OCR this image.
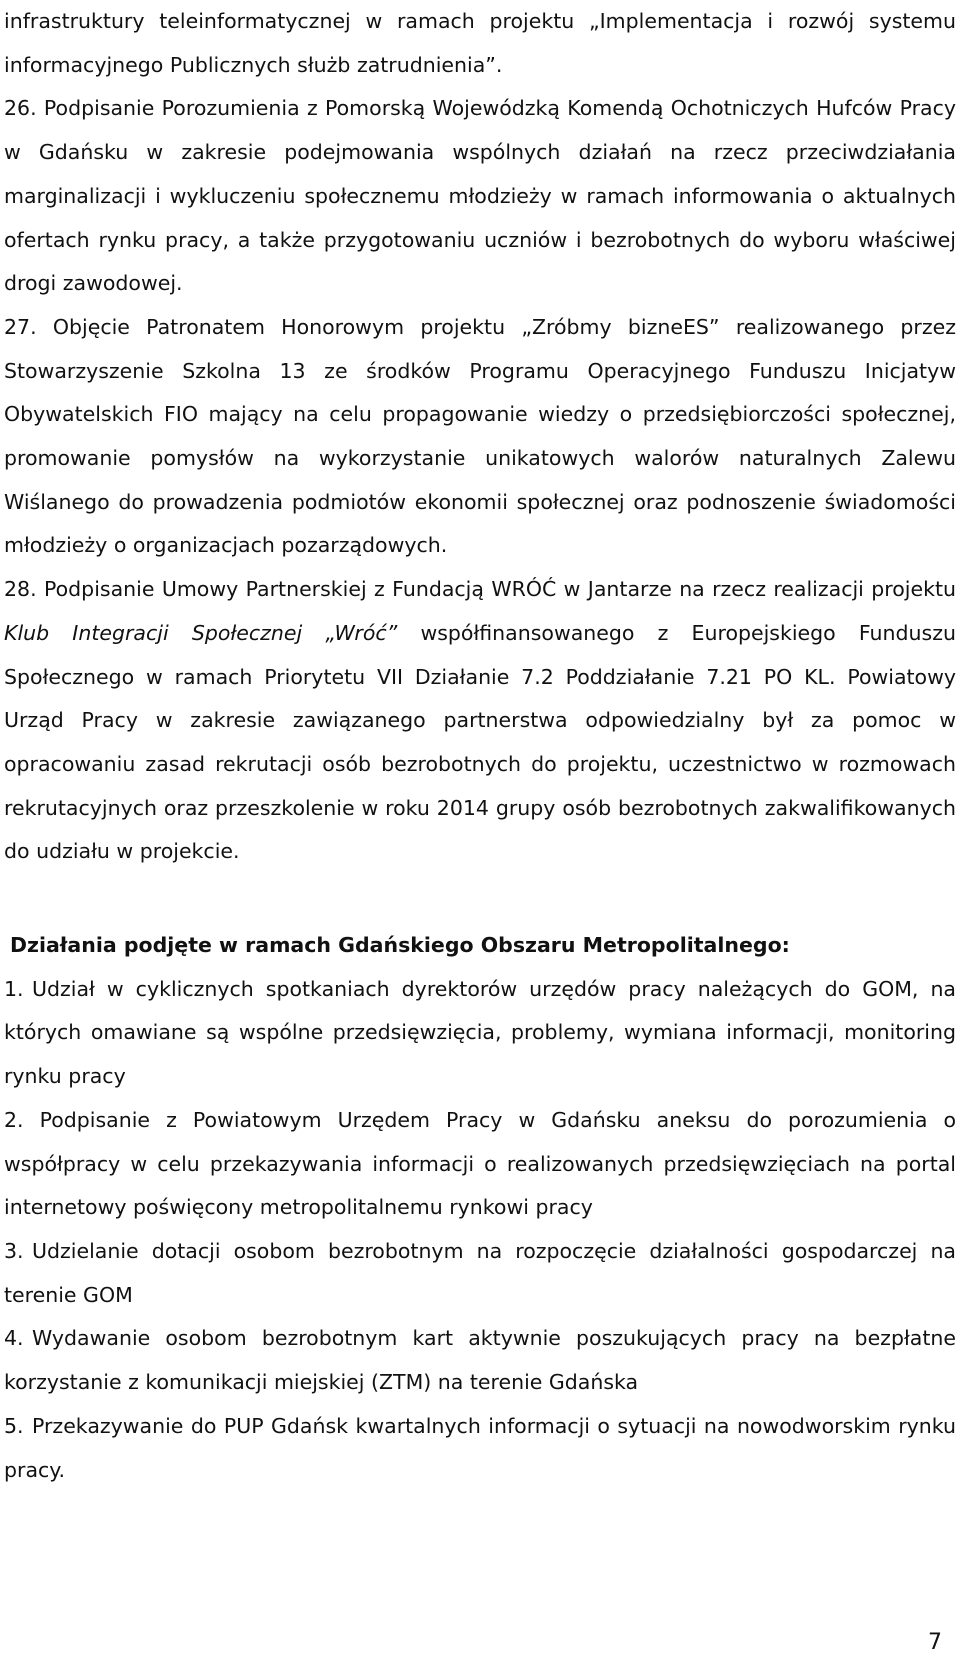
infrastruktury teleinformatycznej w ramach projektu „Implementacja i rozwój systemu informacyjnego Publicznych służb zatrudnienia”.

26. Podpisanie Porozumienia z Pomorską Wojewódzką Komendą Ochotniczych Hufców Pracy w Gdańsku w zakresie podejmowania wspólnych działań na rzecz przeciwdziałania marginalizacji i wykluczeniu społecznemu młodzieży w ramach informowania o aktualnych ofertach rynku pracy, a także przygotowaniu uczniów i bezrobotnych do wyboru właściwej drogi zawodowej.

27. Objęcie Patronatem Honorowym projektu „Zróbmy bizneES” realizowanego przez Stowarzyszenie Szkolna 13 ze środków Programu Operacyjnego Funduszu Inicjatyw Obywatelskich FIO mający na celu propagowanie wiedzy o przedsiębiorczości społecznej, promowanie pomysłów na wykorzystanie unikatowych walorów naturalnych Zalewu Wiślanego do prowadzenia podmiotów ekonomii społecznej oraz podnoszenie świadomości młodzieży o organizacjach pozarządowych.

28. Podpisanie Umowy Partnerskiej z Fundacją WRÓĆ w Jantarze na rzecz realizacji projektu Klub Integracji Społecznej „Wróć” współfinansowanego z Europejskiego Funduszu Społecznego w ramach Priorytetu VII Działanie 7.2 Poddziałanie 7.21 PO KL. Powiatowy Urząd Pracy w zakresie zawiązanego partnerstwa odpowiedzialny był za pomoc w opracowaniu zasad rekrutacji osób bezrobotnych do projektu, uczestnictwo w rozmowach rekrutacyjnych oraz przeszkolenie w roku 2014 grupy osób bezrobotnych zakwalifikowanych do udziału w projekcie.

Działania podjęte w ramach Gdańskiego Obszaru Metropolitalnego:

1. Udział w cyklicznych spotkaniach dyrektorów urzędów pracy należących do GOM, na których omawiane są wspólne przedsięwzięcia, problemy, wymiana informacji, monitoring rynku pracy

2. Podpisanie z Powiatowym Urzędem Pracy w Gdańsku aneksu do porozumienia o współpracy w celu przekazywania informacji o realizowanych przedsięwzięciach na portal internetowy poświęcony metropolitalnemu rynkowi pracy

3. Udzielanie dotacji osobom bezrobotnym na rozpoczęcie działalności gospodarczej na terenie GOM

4. Wydawanie osobom bezrobotnym kart aktywnie poszukujących pracy na bezpłatne korzystanie z komunikacji miejskiej (ZTM) na terenie Gdańska

5. Przekazywanie do PUP Gdańsk kwartalnych informacji o sytuacji na nowodworskim rynku pracy.

7
